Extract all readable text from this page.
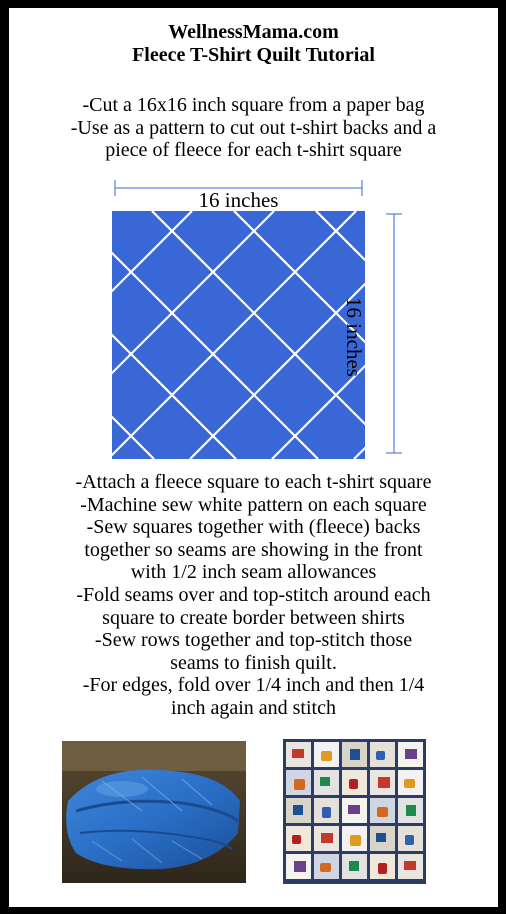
WellnessMama.com
Fleece T-Shirt Quilt Tutorial
-Cut a 16x16 inch square from a paper bag
-Use as a pattern to cut out t-shirt backs and a
piece of fleece for each t-shirt square
16 inches
16 inches
-Attach a fleece square to each t-shirt square
-Machine sew white pattern on each square
-Sew squares together with (fleece) backs
together so seams are showing in the front
with 1/2 inch seam allowances
-Fold seams over and top-stitch around each
square to create border between shirts
-Sew rows together and top-stitch those
seams to finish quilt.
-For edges, fold over 1/4 inch and then 1/4
inch again and stitch
